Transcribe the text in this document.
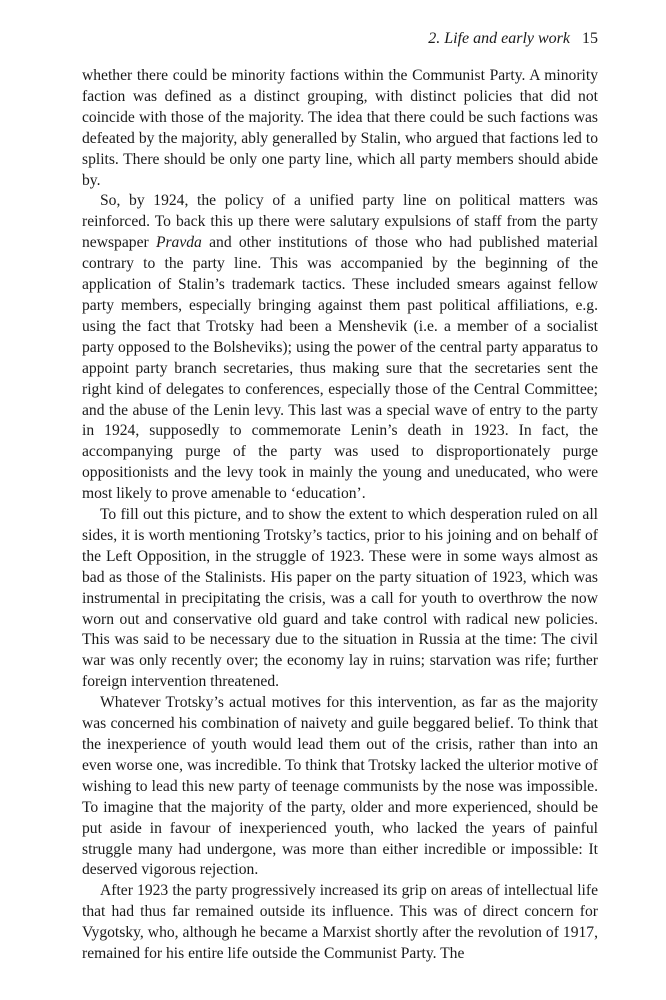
2. Life and early work 15

whether there could be minority factions within the Communist Party. A minority faction was defined as a distinct grouping, with distinct policies that did not coincide with those of the majority. The idea that there could be such factions was defeated by the majority, ably generalled by Stalin, who argued that factions led to splits. There should be only one party line, which all party members should abide by.

So, by 1924, the policy of a unified party line on political matters was reinforced. To back this up there were salutary expulsions of staff from the party newspaper Pravda and other institutions of those who had published material contrary to the party line. This was accompanied by the beginning of the application of Stalin’s trademark tactics. These included smears against fellow party members, especially bringing against them past political affiliations, e.g. using the fact that Trotsky had been a Menshevik (i.e. a member of a socialist party opposed to the Bolsheviks); using the power of the central party apparatus to appoint party branch secretaries, thus making sure that the secretaries sent the right kind of delegates to conferences, especially those of the Central Committee; and the abuse of the Lenin levy. This last was a special wave of entry to the party in 1924, supposedly to commemorate Lenin’s death in 1923. In fact, the accompanying purge of the party was used to disproportionately purge oppositionists and the levy took in mainly the young and uneducated, who were most likely to prove amenable to ‘education’.

To fill out this picture, and to show the extent to which desperation ruled on all sides, it is worth mentioning Trotsky’s tactics, prior to his joining and on behalf of the Left Opposition, in the struggle of 1923. These were in some ways almost as bad as those of the Stalinists. His paper on the party situation of 1923, which was instrumental in precipitating the crisis, was a call for youth to overthrow the now worn out and conservative old guard and take control with radical new policies. This was said to be necessary due to the situation in Russia at the time: The civil war was only recently over; the economy lay in ruins; starvation was rife; further foreign intervention threatened.

Whatever Trotsky’s actual motives for this intervention, as far as the majority was concerned his combination of naivety and guile beggared belief. To think that the inexperience of youth would lead them out of the crisis, rather than into an even worse one, was incredible. To think that Trotsky lacked the ulterior motive of wishing to lead this new party of teenage communists by the nose was impossible. To imagine that the majority of the party, older and more experienced, should be put aside in favour of inexperienced youth, who lacked the years of painful struggle many had undergone, was more than either incredible or impossible: It deserved vigorous rejection.

After 1923 the party progressively increased its grip on areas of intellectual life that had thus far remained outside its influence. This was of direct concern for Vygotsky, who, although he became a Marxist shortly after the revolution of 1917, remained for his entire life outside the Communist Party. The
